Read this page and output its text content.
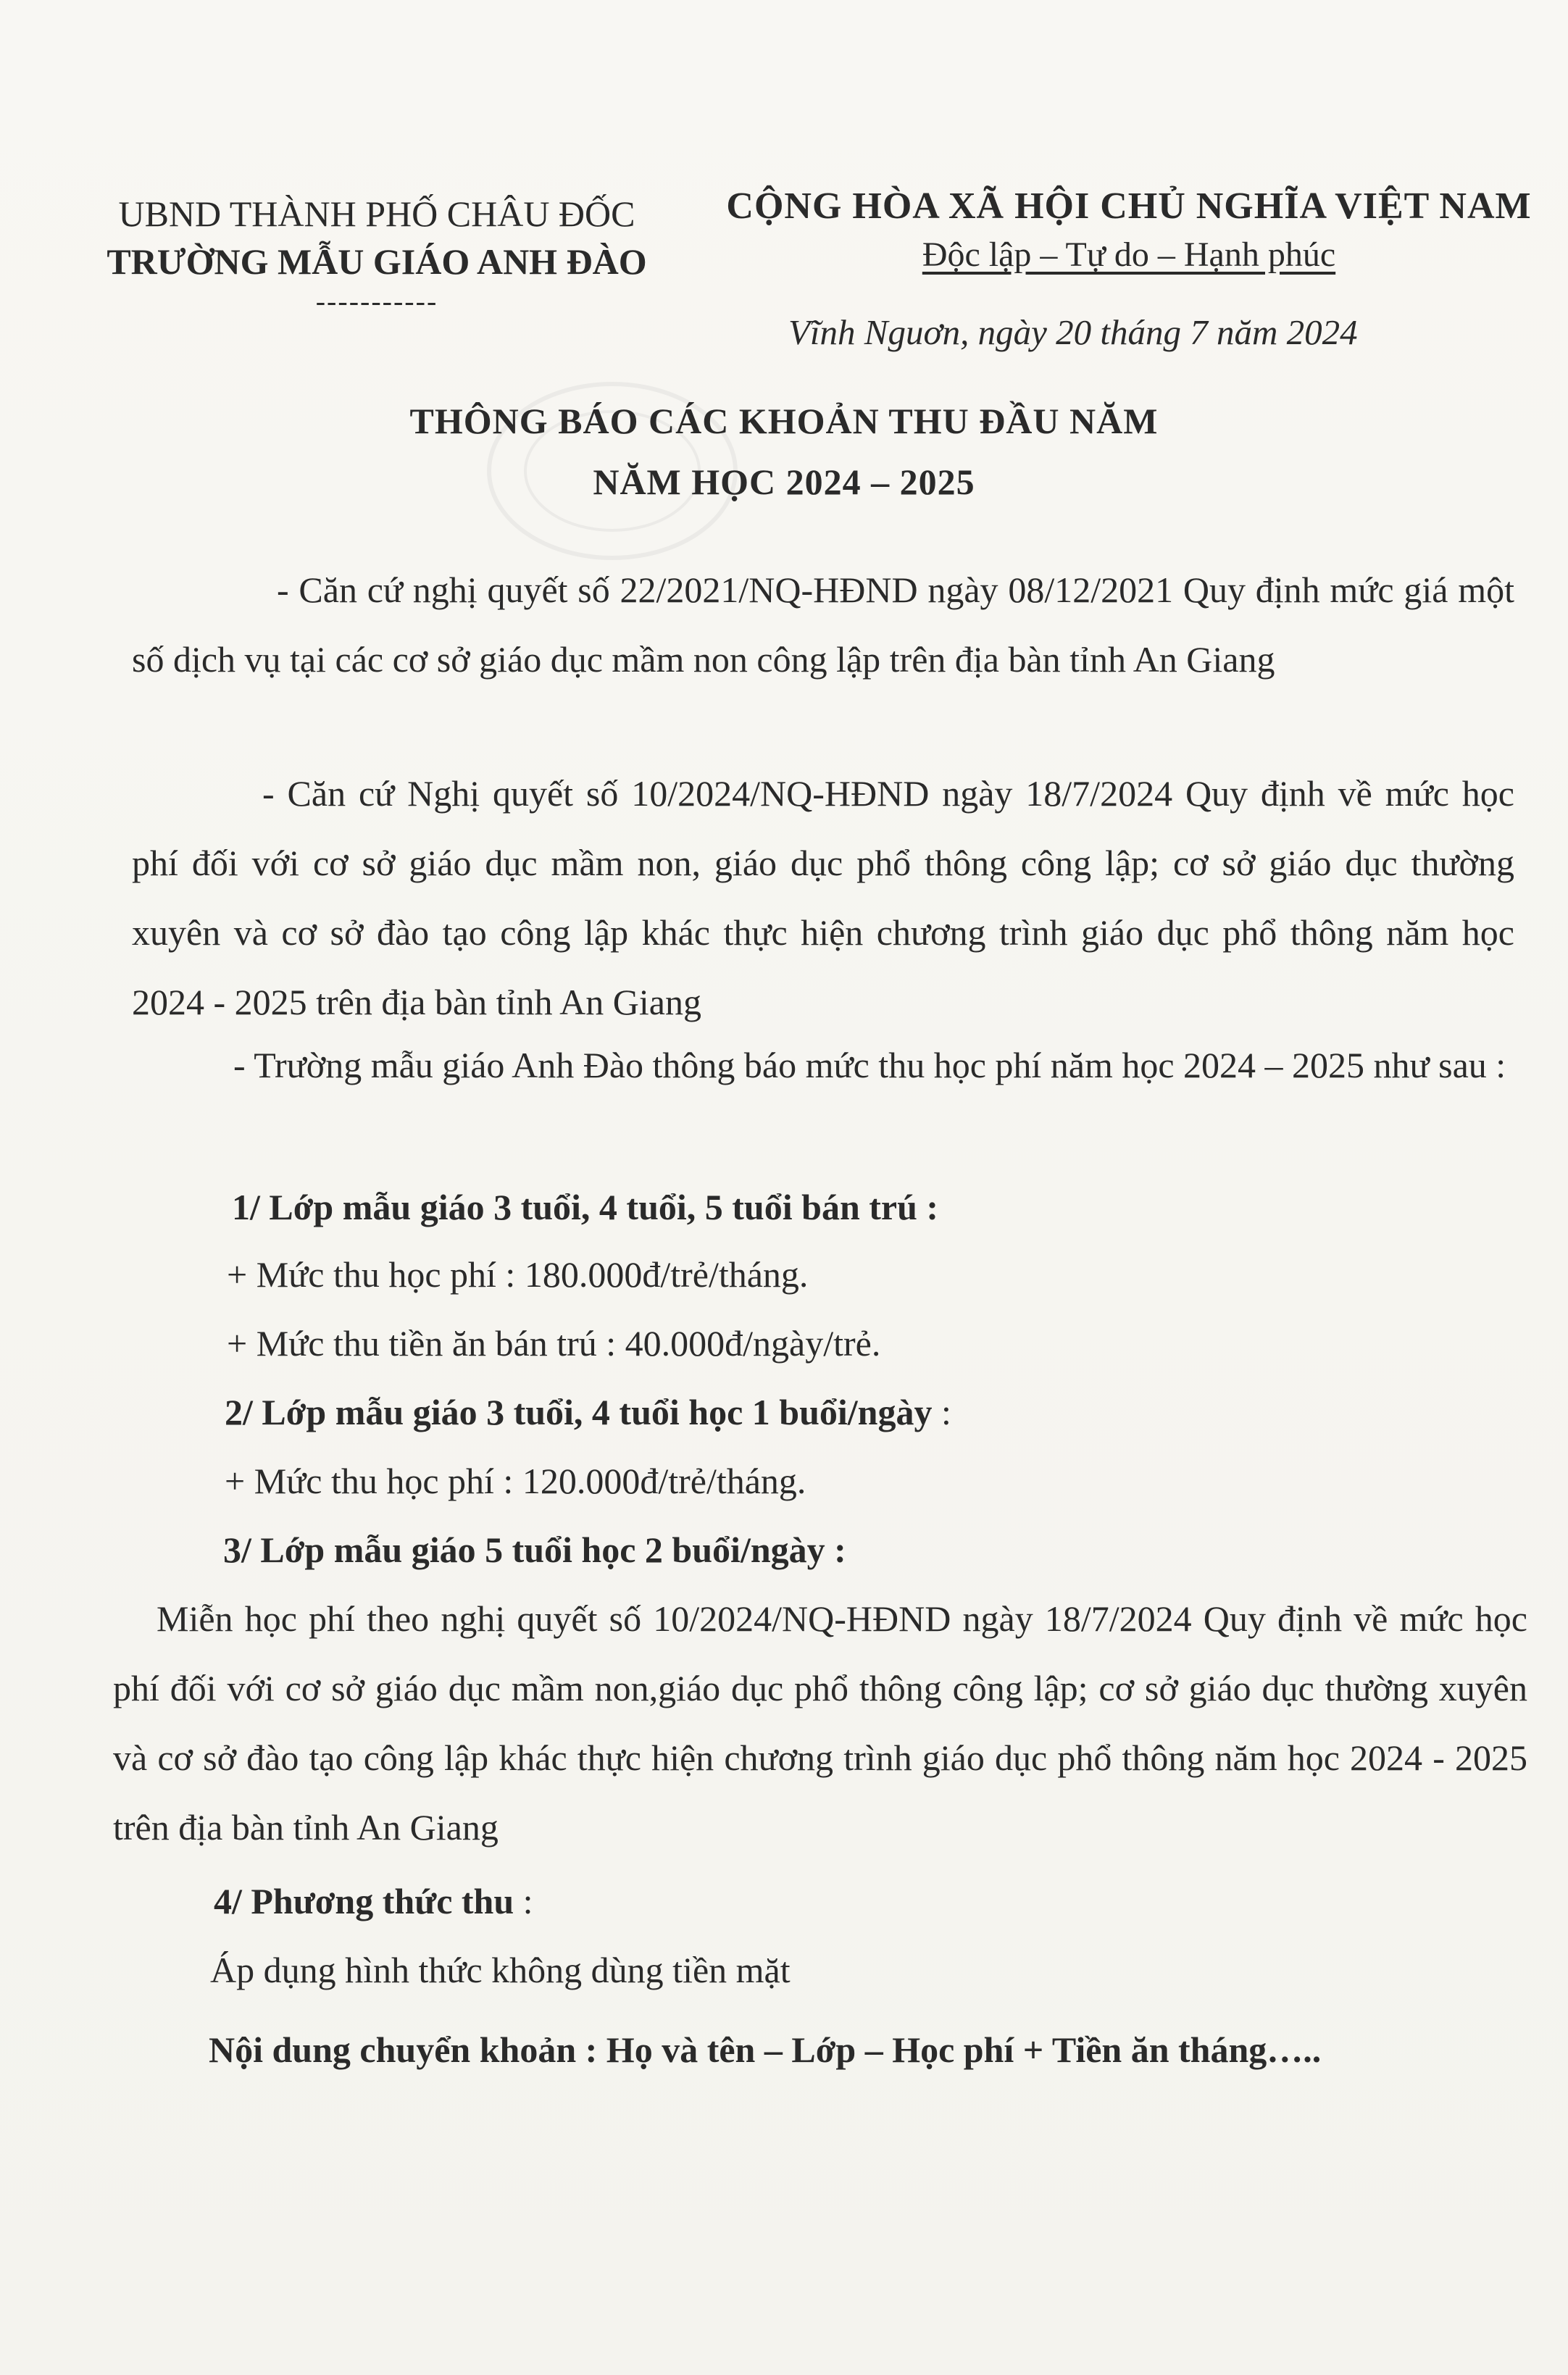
UBND THÀNH PHỐ CHÂU ĐỐC
TRƯỜNG MẪU GIÁO ANH ĐÀO
-----------
CỘNG HÒA XÃ HỘI CHỦ NGHĨA VIỆT NAM
Độc lập – Tự do – Hạnh phúc
Vĩnh Nguơn, ngày 20 tháng 7 năm 2024
THÔNG BÁO CÁC KHOẢN THU ĐẦU NĂM
NĂM HỌC 2024 – 2025
- Căn cứ nghị quyết số 22/2021/NQ-HĐND ngày 08/12/2021 Quy định mức giá một số dịch vụ tại các cơ sở giáo dục mầm non công lập trên địa bàn tỉnh An Giang
- Căn cứ Nghị quyết số 10/2024/NQ-HĐND ngày 18/7/2024 Quy định về mức học phí đối với cơ sở giáo dục mầm non, giáo dục phổ thông công lập; cơ sở giáo dục thường xuyên và cơ sở đào tạo công lập khác thực hiện chương trình giáo dục phổ thông năm học 2024 - 2025 trên địa bàn tỉnh An Giang
- Trường mẫu giáo Anh Đào thông báo mức thu học phí năm học 2024 – 2025 như sau :
1/ Lớp mẫu giáo 3 tuổi, 4 tuổi, 5 tuổi bán trú :
+ Mức thu học phí : 180.000đ/trẻ/tháng.
+ Mức thu tiền ăn bán trú : 40.000đ/ngày/trẻ.
2/ Lớp mẫu giáo 3 tuổi, 4 tuổi học 1 buổi/ngày :
+ Mức thu học phí : 120.000đ/trẻ/tháng.
3/ Lớp mẫu giáo 5 tuổi học 2 buổi/ngày :
Miễn học phí theo nghị quyết số 10/2024/NQ-HĐND ngày 18/7/2024 Quy định về mức học phí đối với cơ sở giáo dục mầm non,giáo dục phổ thông công lập; cơ sở giáo dục thường xuyên và cơ sở đào tạo công lập khác thực hiện chương trình giáo dục phổ thông năm học 2024 - 2025 trên địa bàn tỉnh An Giang
4/ Phương thức thu :
Áp dụng hình thức không dùng tiền mặt
Nội dung chuyển khoản : Họ và tên – Lớp – Học phí + Tiền ăn tháng…..
